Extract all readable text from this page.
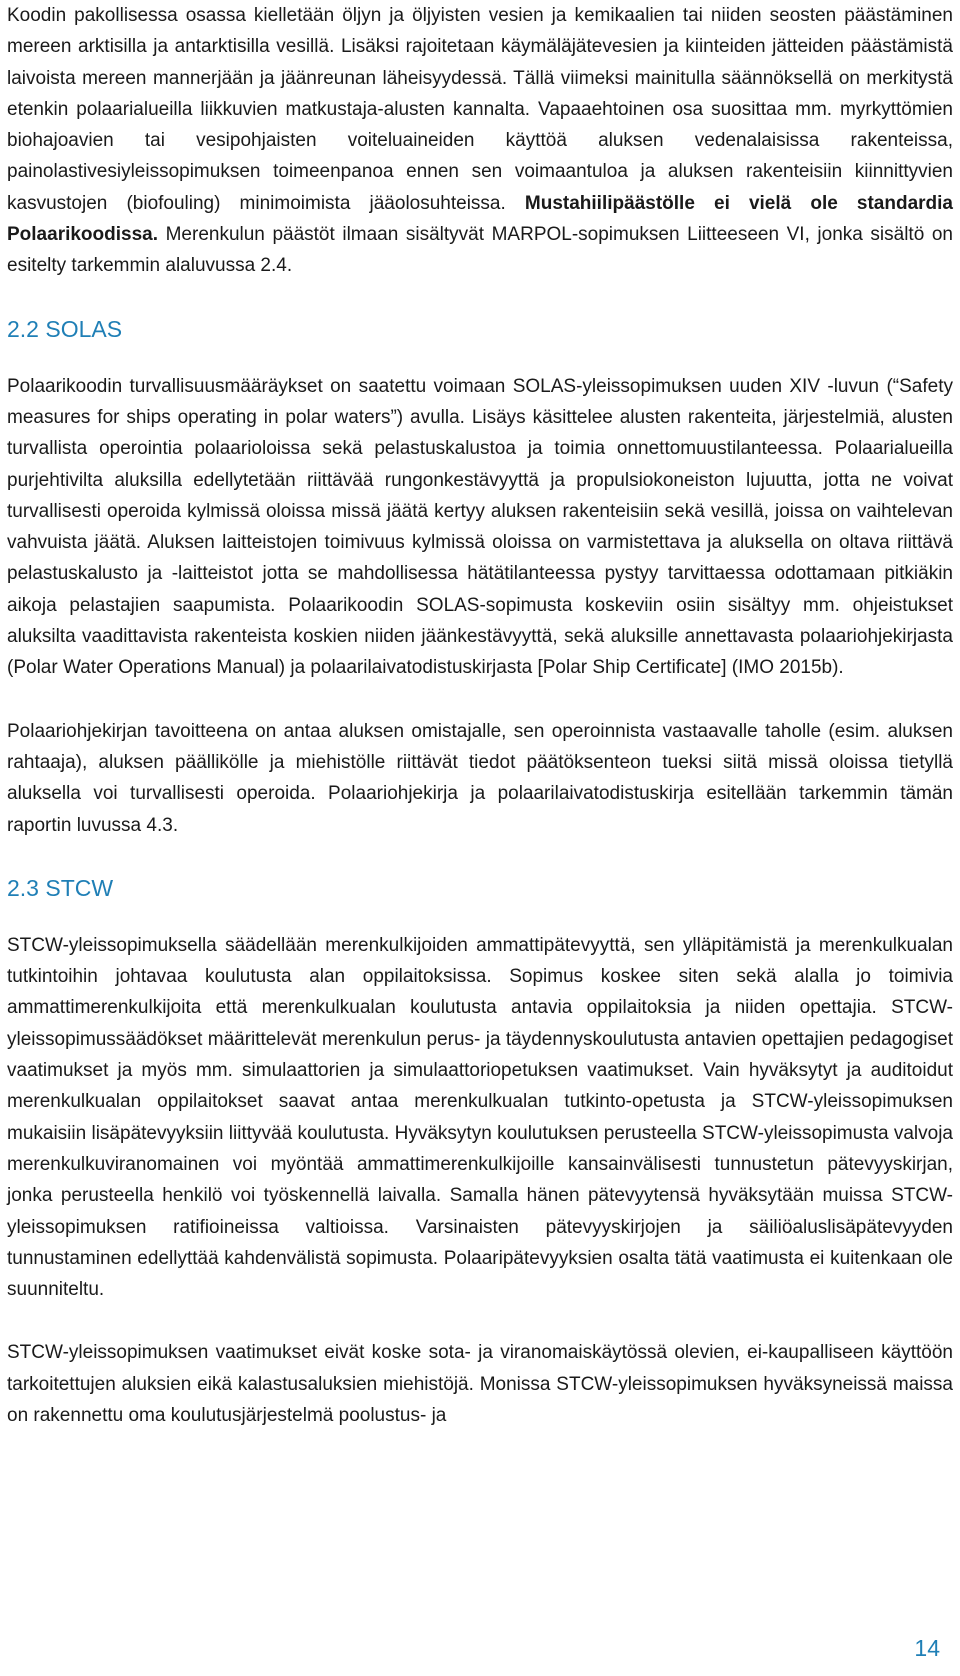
Koodin pakollisessa osassa kielletään öljyn ja öljyisten vesien ja kemikaalien tai niiden seosten päästäminen mereen arktisilla ja antarktisilla vesillä. Lisäksi rajoitetaan käymäläjätevesien ja kiinteiden jätteiden päästämistä laivoista mereen mannerjään ja jäänreunan läheisyydessä. Tällä viimeksi mainitulla säännöksellä on merkitystä etenkin polaarialueilla liikkuvien matkustaja-alusten kannalta. Vapaaehtoinen osa suosittaa mm. myrkyttömien biohajoavien tai vesipohjaisten voiteluaineiden käyttöä aluksen vedenalaisissa rakenteissa, painolastivesiyleissopimuksen toimeenpanoa ennen sen voimaantuloa ja aluksen rakenteisiin kiinnittyvien kasvustojen (biofouling) minimoimista jääolosuhteissa. Mustahiilipäästölle ei vielä ole standardia Polaarikoodissa. Merenkulun päästöt ilmaan sisältyvät MARPOL-sopimuksen Liitteeseen VI, jonka sisältö on esitelty tarkemmin alaluvussa 2.4.

2.2 SOLAS

Polaarikoodin turvallisuusmääräykset on saatettu voimaan SOLAS-yleissopimuksen uuden XIV -luvun (“Safety measures for ships operating in polar waters”) avulla. Lisäys käsittelee alusten rakenteita, järjestelmiä, alusten turvallista operointia polaarioloissa sekä pelastuskalustoa ja toimia onnettomuustilanteessa. Polaarialueilla purjehtivilta aluksilla edellytetään riittävää rungonkestävyyttä ja propulsiokoneiston lujuutta, jotta ne voivat turvallisesti operoida kylmissä oloissa missä jäätä kertyy aluksen rakenteisiin sekä vesillä, joissa on vaihtelevan vahvuista jäätä. Aluksen laitteistojen toimivuus kylmissä oloissa on varmistettava ja aluksella on oltava riittävä pelastuskalusto ja -laitteistot jotta se mahdollisessa hätätilanteessa pystyy tarvittaessa odottamaan pitkiäkin aikoja pelastajien saapumista. Polaarikoodin SOLAS-sopimusta koskeviin osiin sisältyy mm. ohjeistukset aluksilta vaadittavista rakenteista koskien niiden jäänkestävyyttä, sekä aluksille annettavasta polaariohjekirjasta (Polar Water Operations Manual) ja polaarilaivatodistuskirjasta [Polar Ship Certificate] (IMO 2015b).

Polaariohjekirjan tavoitteena on antaa aluksen omistajalle, sen operoinnista vastaavalle taholle (esim. aluksen rahtaaja), aluksen päällikölle ja miehistölle riittävät tiedot päätöksenteon tueksi siitä missä oloissa tietyllä aluksella voi turvallisesti operoida. Polaariohjekirja ja polaarilaivatodistuskirja esitellään tarkemmin tämän raportin luvussa 4.3.

2.3 STCW

STCW-yleissopimuksella säädellään merenkulkijoiden ammattipätevyyttä, sen ylläpitämistä ja merenkulkualan tutkintoihin johtavaa koulutusta alan oppilaitoksissa. Sopimus koskee siten sekä alalla jo toimivia ammattimerenkulkijoita että merenkulkualan koulutusta antavia oppilaitoksia ja niiden opettajia. STCW-yleissopimussäädökset määrittelevät merenkulun perus- ja täydennyskoulutusta antavien opettajien pedagogiset vaatimukset ja myös mm. simulaattorien ja simulaattoriopetuksen vaatimukset. Vain hyväksytyt ja auditoidut merenkulkualan oppilaitokset saavat antaa merenkulkualan tutkinto-opetusta ja STCW-yleissopimuksen mukaisiin lisäpätevyyksiin liittyvää koulutusta. Hyväksytyn koulutuksen perusteella STCW-yleissopimusta valvoja merenkulkuviranomainen voi myöntää ammattimerenkulkijoille kansainvälisesti tunnustetun pätevyyskirjan, jonka perusteella henkilö voi työskennellä laivalla. Samalla hänen pätevyytensä hyväksytään muissa STCW-yleissopimuksen ratifioineissa valtioissa. Varsinaisten pätevyyskirjojen ja säiliöaluslisäpätevyyden tunnustaminen edellyttää kahdenvälistä sopimusta. Polaaripätevyyksien osalta tätä vaatimusta ei kuitenkaan ole suunniteltu.

STCW-yleissopimuksen vaatimukset eivät koske sota- ja viranomaiskäytössä olevien, ei-kaupalliseen käyttöön tarkoitettujen aluksien eikä kalastusaluksien miehistöjä. Monissa STCW-yleissopimuksen hyväksyneissä maissa on rakennettu oma koulutusjärjestelmä poolustus- ja

14
